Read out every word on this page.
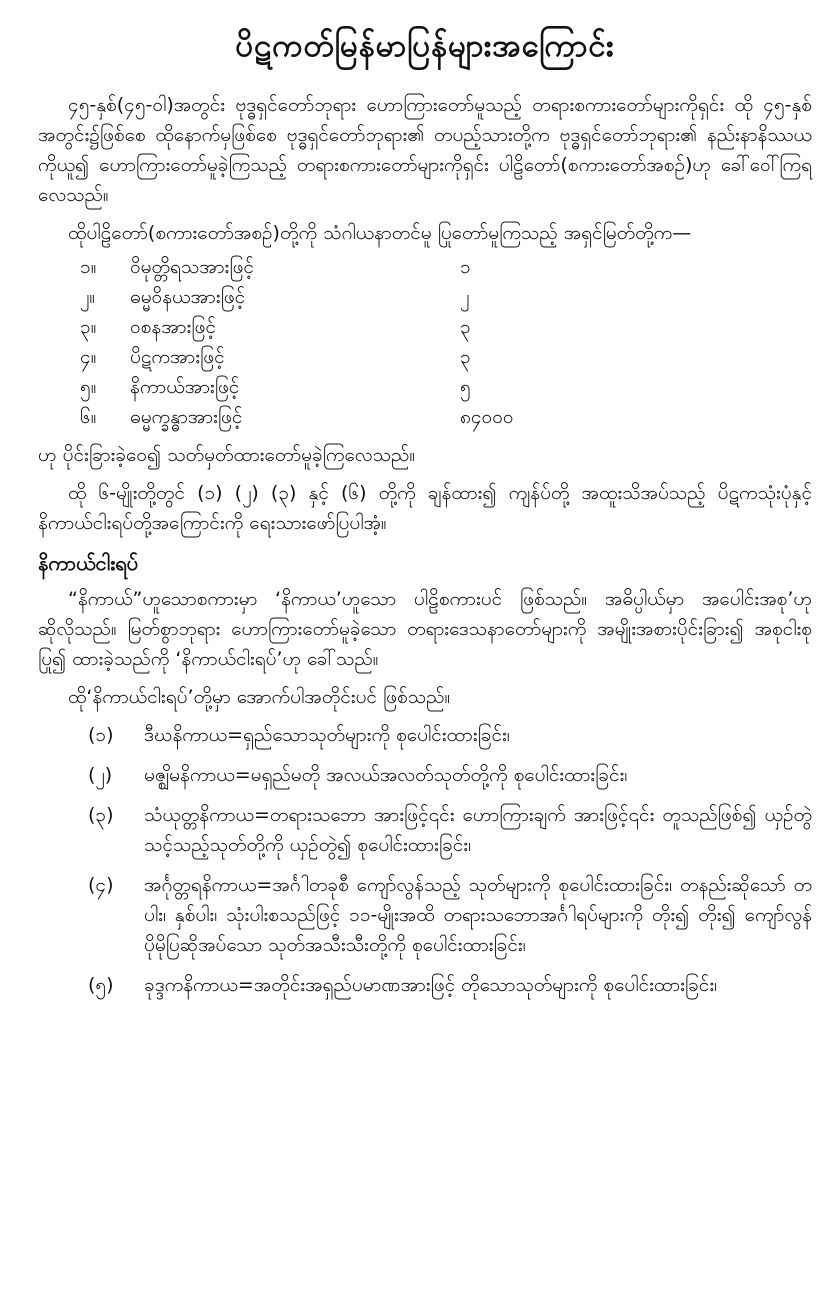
ပိဋကတ်မြန်မာပြန်များအကြောင်း

၄၅-နှစ်(၄၅-ဝါ)အတွင်း ဗုဒ္ဓရှင်တော်ဘုရား ဟောကြားတော်မူသည့် တရားစကားတော်များကိုရှင်း ထို ၄၅-နှစ်အတွင်း၌ဖြစ်စေ ထိုနောက်မှဖြစ်စေ ဗုဒ္ဓရှင်တော်ဘုရား၏ တပည့်သားတို့က ဗုဒ္ဓရှင်တော်ဘုရား၏ နည်းနာနိဿယကိုယူ၍ ဟောကြားတော်မူခဲ့ကြသည့် တရားစကားတော်များကိုရှင်း ပါဠိတော်(စကားတော်အစဉ်)ဟု ခေါ်ဝေါ်ကြရလေသည်။

ထိုပါဠိတော်(စကားတော်အစဉ်)တို့ကို သံဂါယနာတင်မူ ပြုတော်မူကြသည့် အရှင်မြတ်တို့က—

၁။	ဝိမုတ္တိရသအားဖြင့်	၁
၂။	ဓမ္မဝိနယအားဖြင့်	၂
၃။	ဝစနအားဖြင့်	၃
၄။	ပိဋကအားဖြင့်	၃
၅။	နိကာယ်အားဖြင့်	၅
၆။	ဓမ္မက္ခန္ဓာအားဖြင့်	၈၄၀၀၀

ဟု ပိုင်းခြားခဲ့ဝေ၍ သတ်မှတ်ထားတော်မူခဲ့ကြလေသည်။

ထို ၆-မျိုးတို့တွင် (၁) (၂) (၃) နှင့် (၆) တို့ကို ချန်ထား၍ ကျန်ပ်တို့ အထူးသိအပ်သည့် ပိဋကသုံးပုံနှင့် နိကာယ်ငါးရပ်တို့အကြောင်းကို ရေးသားဖော်ပြပါအံ့။

နိကာယ်ငါးရပ်

“နိကာယ်”ဟူသောစကားမှာ ‘နိကာယ’ဟူသော ပါဠိစကားပင် ဖြစ်သည်။ အဓိပ္ပါယ်မှာ အပေါင်းအစု’ဟု ဆိုလိုသည်။ မြတ်စွာဘုရား ဟောကြားတော်မူခဲ့သော တရားဒေသနာတော်များကို အမျိုးအစားပိုင်းခြား၍ အစုငါးစုပြု၍ ထားခဲ့သည်ကို ‘နိကာယ်ငါးရပ်’ဟု ခေါ်သည်။

ထို‘နိကာယ်ငါးရပ်’တို့မှာ အောက်ပါအတိုင်းပင် ဖြစ်သည်။

(၁)	ဒီဃနိကာယ=ရှည်သောသုတ်များကို စုပေါင်းထားခြင်း၊
(၂)	မဇ္ဈိမနိကာယ=မရှည်မတို အလယ်အလတ်သုတ်တို့ကို စုပေါင်းထားခြင်း၊
(၃)	သံယုတ္တနိကာယ=တရားသဘော အားဖြင့်၎င်း ဟောကြားချက် အားဖြင့်၎င်း တူသည်ဖြစ်၍ ယှဉ်တွဲသင့်သည့်သုတ်တို့ကို ယှဉ်တွဲ၍ စုပေါင်းထားခြင်း၊
(၄)	အင်္ဂုတ္တရနိကာယ=အင်္ဂါတခုစီ ကျော်လွန်သည့် သုတ်များကို စုပေါင်းထားခြင်း၊ တနည်းဆိုသော် တပါး၊ နှစ်ပါး၊ သုံးပါးစသည်ဖြင့် ၁၁-မျိုးအထိ တရားသဘောအင်္ဂါရပ်များကို တိုး၍ တိုး၍ ကျော်လွန်ပိုမိုပြဆိုအပ်သော သုတ်အသီးသီးတို့ကို စုပေါင်းထားခြင်း၊
(၅)	ခုဒ္ဒကနိကာယ=အတိုင်းအရှည်ပမာဏအားဖြင့် တိုသောသုတ်များကို စုပေါင်းထားခြင်း၊
